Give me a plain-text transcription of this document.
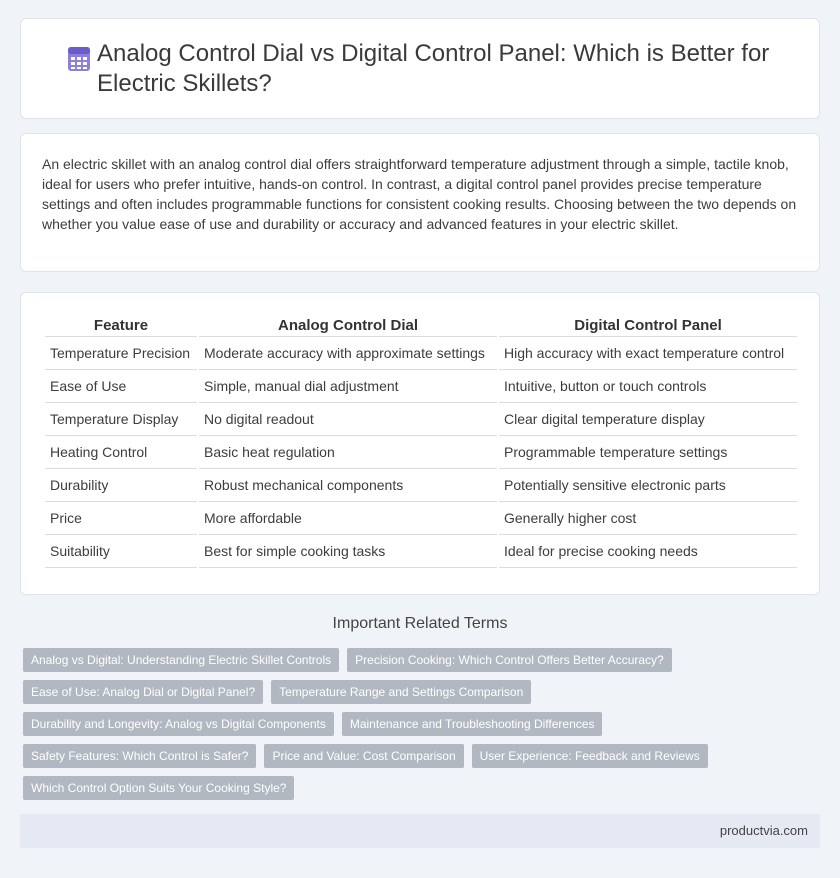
Analog Control Dial vs Digital Control Panel: Which is Better for Electric Skillets?

An electric skillet with an analog control dial offers straightforward temperature adjustment through a simple, tactile knob, ideal for users who prefer intuitive, hands-on control. In contrast, a digital control panel provides precise temperature settings and often includes programmable functions for consistent cooking results. Choosing between the two depends on whether you value ease of use and durability or accuracy and advanced features in your electric skillet.

Feature	Analog Control Dial	Digital Control Panel
Temperature Precision	Moderate accuracy with approximate settings	High accuracy with exact temperature control
Ease of Use	Simple, manual dial adjustment	Intuitive, button or touch controls
Temperature Display	No digital readout	Clear digital temperature display
Heating Control	Basic heat regulation	Programmable temperature settings
Durability	Robust mechanical components	Potentially sensitive electronic parts
Price	More affordable	Generally higher cost
Suitability	Best for simple cooking tasks	Ideal for precise cooking needs
Important Related Terms
Analog vs Digital: Understanding Electric Skillet Controls	Precision Cooking: Which Control Offers Better Accuracy?
Ease of Use: Analog Dial or Digital Panel?	Temperature Range and Settings Comparison
Durability and Longevity: Analog vs Digital Components	Maintenance and Troubleshooting Differences
Safety Features: Which Control is Safer?	Price and Value: Cost Comparison	User Experience: Feedback and Reviews
Which Control Option Suits Your Cooking Style?
productvia.com
